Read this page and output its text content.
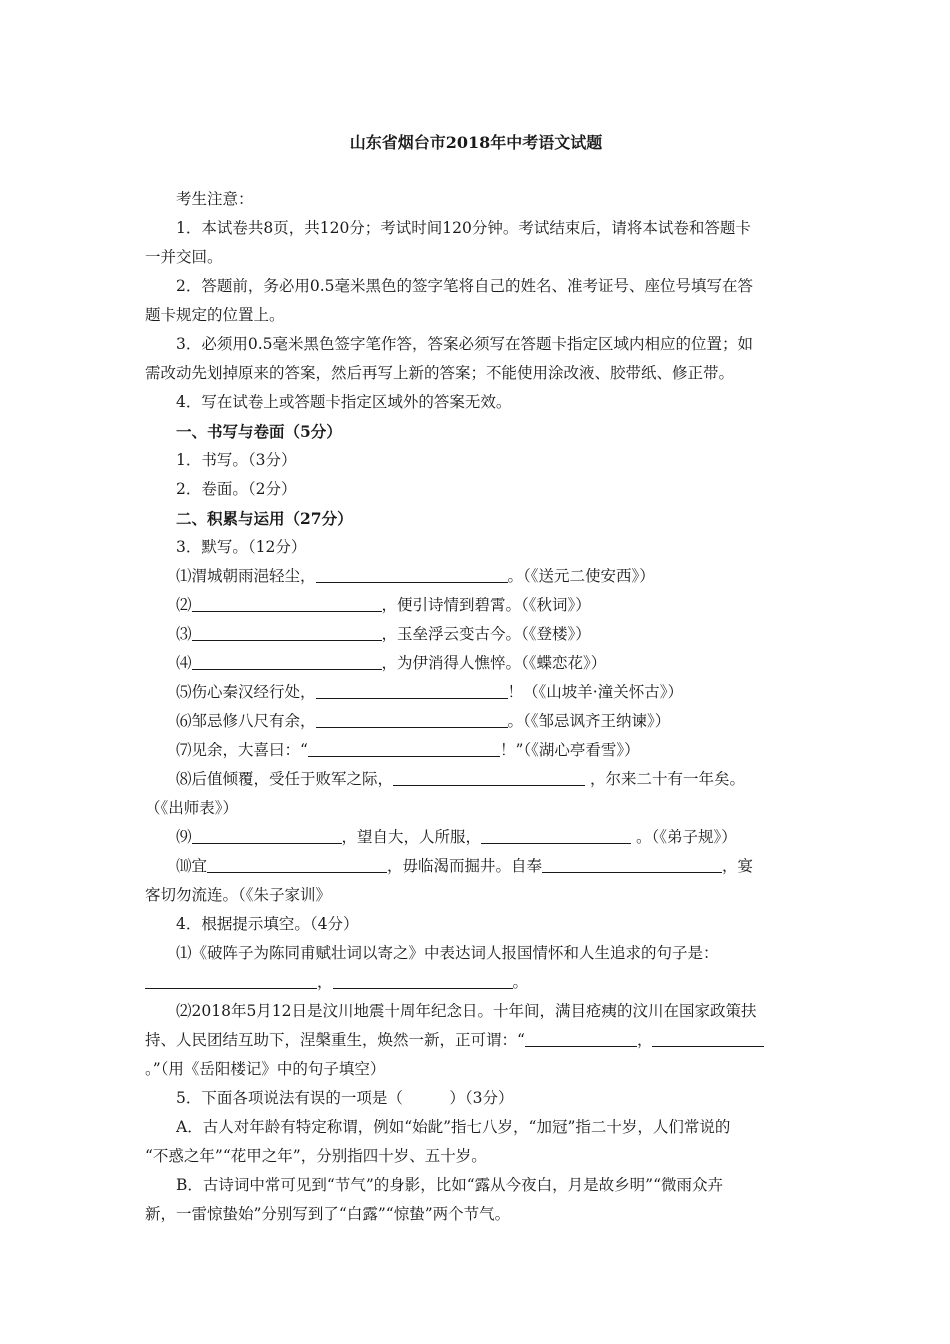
山东省烟台市2018年中考语文试题

考生注意：

1．本试卷共8页，共120分；考试时间120分钟。考试结束后，请将本试卷和答题卡

一并交回。

2．答题前，务必用0.5毫米黑色的签字笔将自己的姓名、准考证号、座位号填写在答

题卡规定的位置上。

3．必须用0.5毫米黑色签字笔作答，答案必须写在答题卡指定区域内相应的位置；如

需改动先划掉原来的答案，然后再写上新的答案；不能使用涂改液、胶带纸、修正带。

4．写在试卷上或答题卡指定区域外的答案无效。

一、书写与卷面（5分）

1．书写。（3分）

2．卷面。（2分）

二、积累与运用（27分）

3．默写。（12分）

⑴渭城朝雨浥轻尘，	。（《送元二使安西》）

⑵	，便引诗情到碧霄。（《秋词》）

⑶	，玉垒浮云变古今。（《登楼》）

⑷	，为伊消得人憔悴。（《蝶恋花》）

⑸伤心秦汉经行处，	！（《山坡羊·潼关怀古》）

⑹邹忌修八尺有余，	。（《邹忌讽齐王纳谏》）

⑺见余，大喜曰：“	！”（《湖心亭看雪》）

⑻后值倾覆，受任于败军之际，	，尔来二十有一年矣。

（《出师表》）

⑼	，望自大，人所服，	。（《弟子规》）

⑽宜	，毋临渴而掘井。自奉	，宴

客切勿流连。（《朱子家训》

4．根据提示填空。（4分）

⑴《破阵子为陈同甫赋壮词以寄之》中表达词人报国情怀和人生追求的句子是：

，	。

⑵2018年5月12日是汶川地震十周年纪念日。十年间，满目疮痍的汶川在国家政策扶

持、人民团结互助下，涅槃重生，焕然一新，正可谓：“	，

。”（用《岳阳楼记》中的句子填空）

5．下面各项说法有误的一项是（　　　）（3分）

A．古人对年龄有特定称谓，例如“始龀”指七八岁，“加冠”指二十岁，人们常说的

“不惑之年”“花甲之年”，分别指四十岁、五十岁。

B．古诗词中常可见到“节气”的身影，比如“露从今夜白，月是故乡明”“微雨众卉

新，一雷惊蛰始”分别写到了“白露”“惊蛰”两个节气。
